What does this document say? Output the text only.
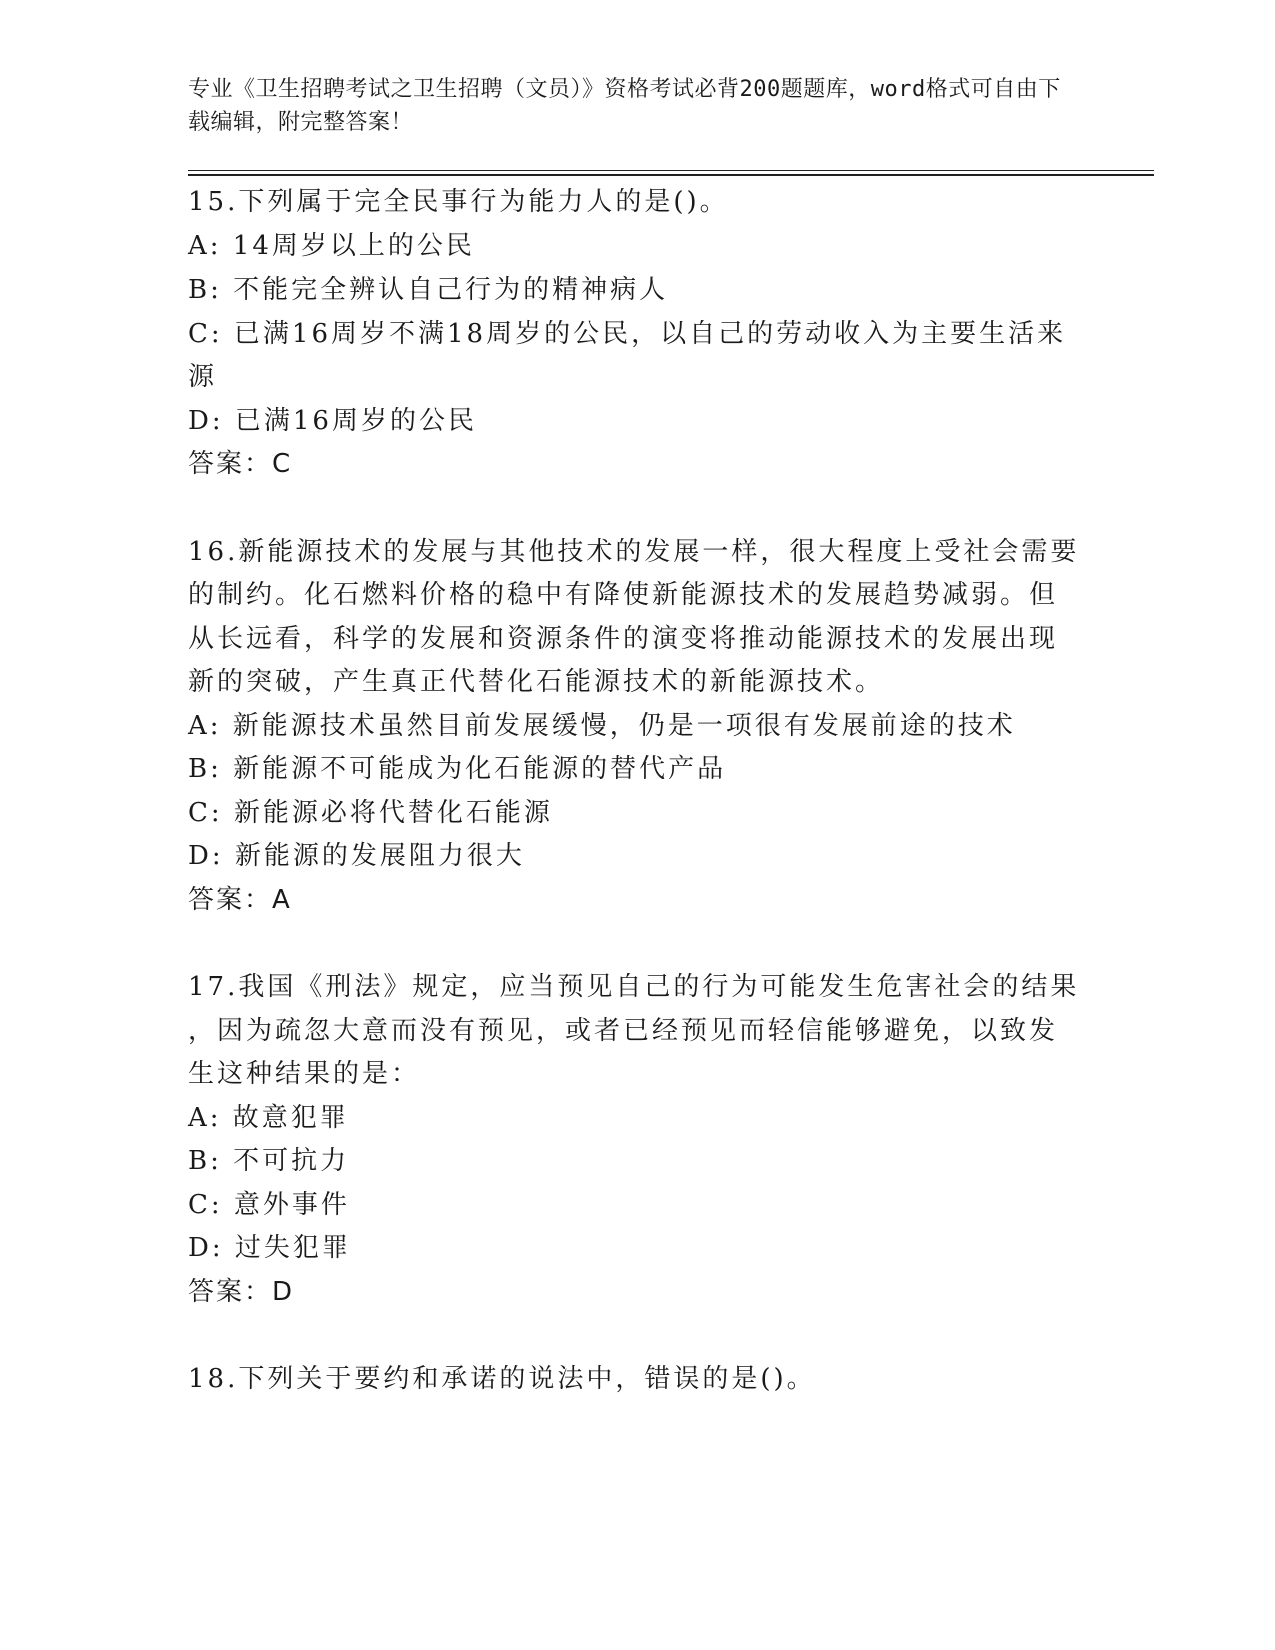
专业《卫生招聘考试之卫生招聘（文员）》资格考试必背200题题库，word格式可自由下载编辑，附完整答案！
15.下列属于完全民事行为能力人的是()。
A: 14周岁以上的公民
B: 不能完全辨认自己行为的精神病人
C: 已满16周岁不满18周岁的公民，以自己的劳动收入为主要生活来
源
D: 已满16周岁的公民
答案：C
16.新能源技术的发展与其他技术的发展一样，很大程度上受社会需要
的制约。化石燃料价格的稳中有降使新能源技术的发展趋势减弱。但
从长远看，科学的发展和资源条件的演变将推动能源技术的发展出现
新的突破，产生真正代替化石能源技术的新能源技术。
A: 新能源技术虽然目前发展缓慢，仍是一项很有发展前途的技术
B: 新能源不可能成为化石能源的替代产品
C: 新能源必将代替化石能源
D: 新能源的发展阻力很大
答案：A
17.我国《刑法》规定，应当预见自己的行为可能发生危害社会的结果
，因为疏忽大意而没有预见，或者已经预见而轻信能够避免，以致发
生这种结果的是：
A: 故意犯罪
B: 不可抗力
C: 意外事件
D: 过失犯罪
答案：D
18.下列关于要约和承诺的说法中，错误的是()。
